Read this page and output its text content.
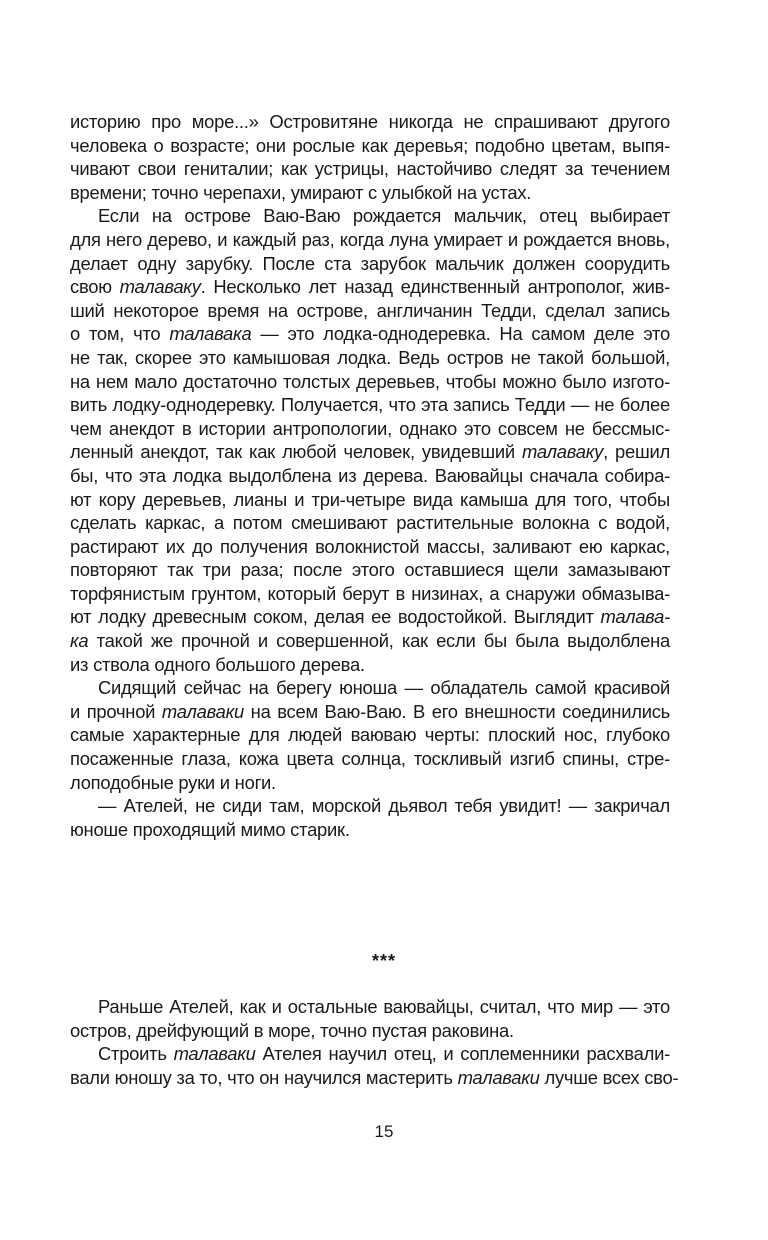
историю про море...» Островитяне никогда не спрашивают другого
человека о возрасте; они рослые как деревья; подобно цветам, выпя-
чивают свои гениталии; как устрицы, настойчиво следят за течением
времени; точно черепахи, умирают с улыбкой на устах.
Если на острове Ваю-Ваю рождается мальчик, отец выбирает
для него дерево, и каждый раз, когда луна умирает и рождается вновь,
делает одну зарубку. После ста зарубок мальчик должен соорудить
свою талаваку. Несколько лет назад единственный антрополог, жив-
ший некоторое время на острове, англичанин Тедди, сделал запись
о том, что талавака — это лодка-однодеревка. На самом деле это
не так, скорее это камышовая лодка. Ведь остров не такой большой,
на нем мало достаточно толстых деревьев, чтобы можно было изгото-
вить лодку-однодеревку. Получается, что эта запись Тедди — не более
чем анекдот в истории антропологии, однако это совсем не бессмыс-
ленный анекдот, так как любой человек, увидевший талаваку, решил
бы, что эта лодка выдолблена из дерева. Ваювайцы сначала собира-
ют кору деревьев, лианы и три-четыре вида камыша для того, чтобы
сделать каркас, а потом смешивают растительные волокна с водой,
растирают их до получения волокнистой массы, заливают ею каркас,
повторяют так три раза; после этого оставшиеся щели замазывают
торфянистым грунтом, который берут в низинах, а снаружи обмазыва-
ют лодку древесным соком, делая ее водостойкой. Выглядит талава-
ка такой же прочной и совершенной, как если бы была выдолблена
из ствола одного большого дерева.
Сидящий сейчас на берегу юноша — обладатель самой красивой
и прочной талаваки на всем Ваю-Ваю. В его внешности соединились
самые характерные для людей ваюваю черты: плоский нос, глубоко
посаженные глаза, кожа цвета солнца, тоскливый изгиб спины, стре-
лоподобные руки и ноги.
— Ателей, не сиди там, морской дьявол тебя увидит! — закричал
юноше проходящий мимо старик.
***
Раньше Ателей, как и остальные ваювайцы, считал, что мир — это
остров, дрейфующий в море, точно пустая раковина.
Строить талаваки Ателея научил отец, и соплеменники расхвали-
вали юношу за то, что он научился мастерить талаваки лучше всех сво-
15
